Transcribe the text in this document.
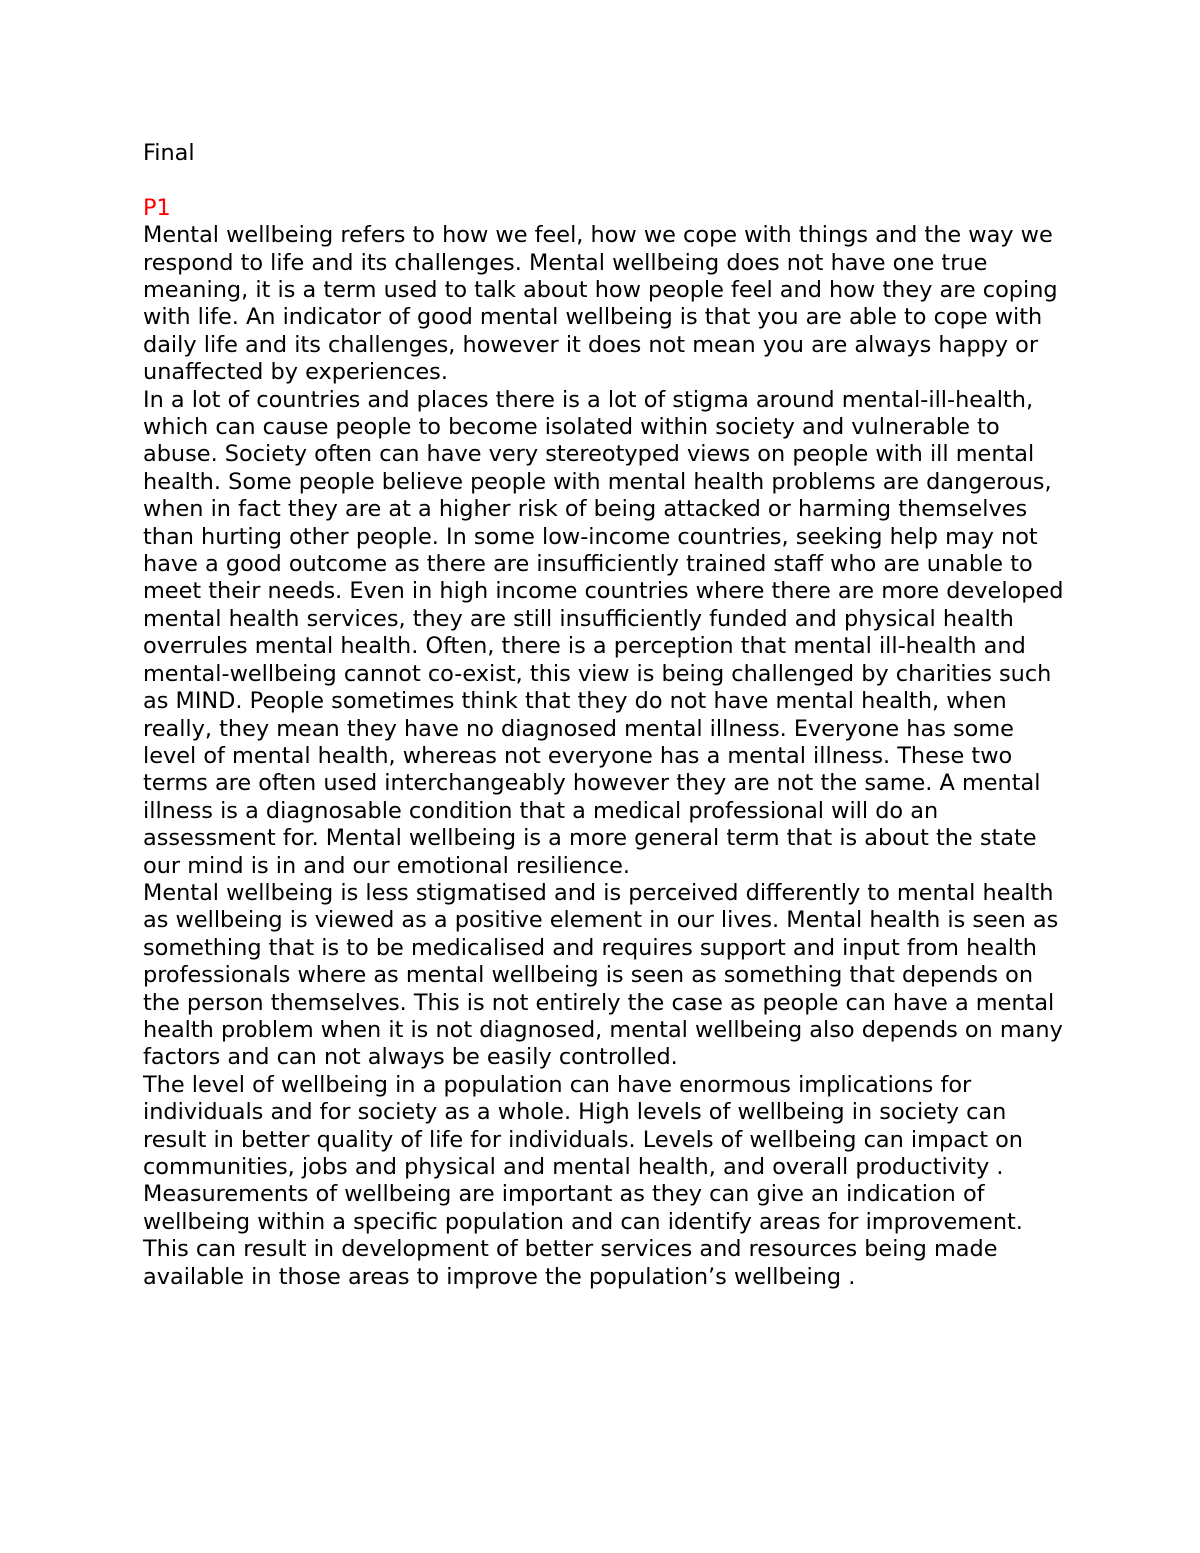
Final
P1

Mental wellbeing refers to how we feel, how we cope with things and the way we respond to life and its challenges. Mental wellbeing does not have one true meaning, it is a term used to talk about how people feel and how they are coping with life. An indicator of good mental wellbeing is that you are able to cope with daily life and its challenges, however it does not mean you are always happy or unaffected by experiences.

In a lot of countries and places there is a lot of stigma around mental-ill-health, which can cause people to become isolated within society and vulnerable to abuse. Society often can have very stereotyped views on people with ill mental health. Some people believe people with mental health problems are dangerous, when in fact they are at a higher risk of being attacked or harming themselves than hurting other people. In some low-income countries, seeking help may not have a good outcome as there are insufficiently trained staff who are unable to meet their needs. Even in high income countries where there are more developed mental health services, they are still insufficiently funded and physical health overrules mental health. Often, there is a perception that mental ill-health and mental-wellbeing cannot co-exist, this view is being challenged by charities such as MIND. People sometimes think that they do not have mental health, when really, they mean they have no diagnosed mental illness. Everyone has some level of mental health, whereas not everyone has a mental illness. These two terms are often used interchangeably however they are not the same. A mental illness is a diagnosable condition that a medical professional will do an assessment for. Mental wellbeing is a more general term that is about the state our mind is in and our emotional resilience.

Mental wellbeing is less stigmatised and is perceived differently to mental health as wellbeing is viewed as a positive element in our lives. Mental health is seen as something that is to be medicalised and requires support and input from health professionals where as mental wellbeing is seen as something that depends on the person themselves. This is not entirely the case as people can have a mental health problem when it is not diagnosed, mental wellbeing also depends on many factors and can not always be easily controlled.

The level of wellbeing in a population can have enormous implications for individuals and for society as a whole. High levels of wellbeing in society can result in better quality of life for individuals. Levels of wellbeing can impact on communities, jobs and physical and mental health, and overall productivity . Measurements of wellbeing are important as they can give an indication of wellbeing within a specific population and can identify areas for improvement. This can result in development of better services and resources being made available in those areas to improve the population’s wellbeing .
